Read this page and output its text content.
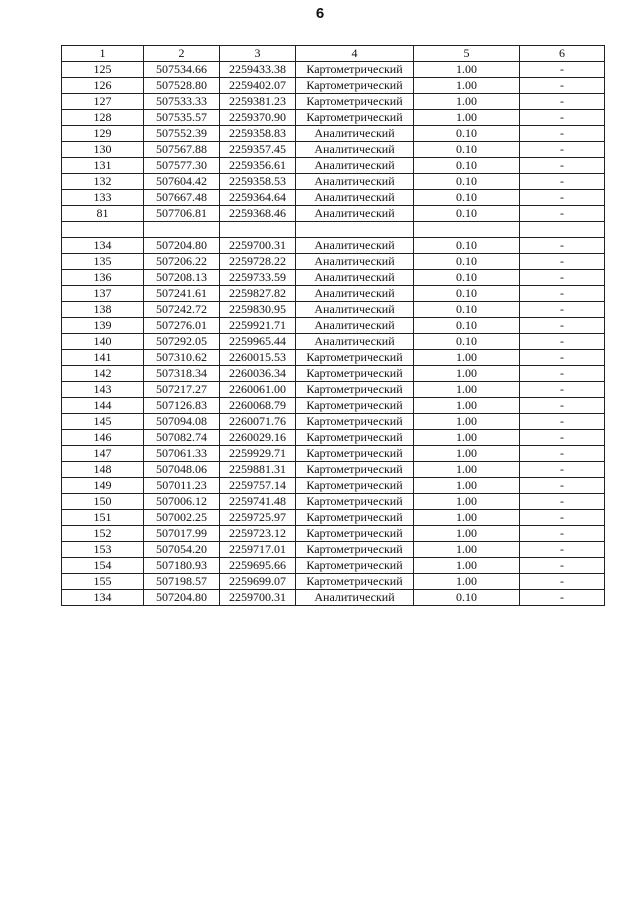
6
1	2	3	4	5	6
125	507534.66	2259433.38	Картометрический	1.00	-
126	507528.80	2259402.07	Картометрический	1.00	-
127	507533.33	2259381.23	Картометрический	1.00	-
128	507535.57	2259370.90	Картометрический	1.00	-
129	507552.39	2259358.83	Аналитический	0.10	-
130	507567.88	2259357.45	Аналитический	0.10	-
131	507577.30	2259356.61	Аналитический	0.10	-
132	507604.42	2259358.53	Аналитический	0.10	-
133	507667.48	2259364.64	Аналитический	0.10	-
81	507706.81	2259368.46	Аналитический	0.10	-

134	507204.80	2259700.31	Аналитический	0.10	-
135	507206.22	2259728.22	Аналитический	0.10	-
136	507208.13	2259733.59	Аналитический	0.10	-
137	507241.61	2259827.82	Аналитический	0.10	-
138	507242.72	2259830.95	Аналитический	0.10	-
139	507276.01	2259921.71	Аналитический	0.10	-
140	507292.05	2259965.44	Аналитический	0.10	-
141	507310.62	2260015.53	Картометрический	1.00	-
142	507318.34	2260036.34	Картометрический	1.00	-
143	507217.27	2260061.00	Картометрический	1.00	-
144	507126.83	2260068.79	Картометрический	1.00	-
145	507094.08	2260071.76	Картометрический	1.00	-
146	507082.74	2260029.16	Картометрический	1.00	-
147	507061.33	2259929.71	Картометрический	1.00	-
148	507048.06	2259881.31	Картометрический	1.00	-
149	507011.23	2259757.14	Картометрический	1.00	-
150	507006.12	2259741.48	Картометрический	1.00	-
151	507002.25	2259725.97	Картометрический	1.00	-
152	507017.99	2259723.12	Картометрический	1.00	-
153	507054.20	2259717.01	Картометрический	1.00	-
154	507180.93	2259695.66	Картометрический	1.00	-
155	507198.57	2259699.07	Картометрический	1.00	-
134	507204.80	2259700.31	Аналитический	0.10	-
